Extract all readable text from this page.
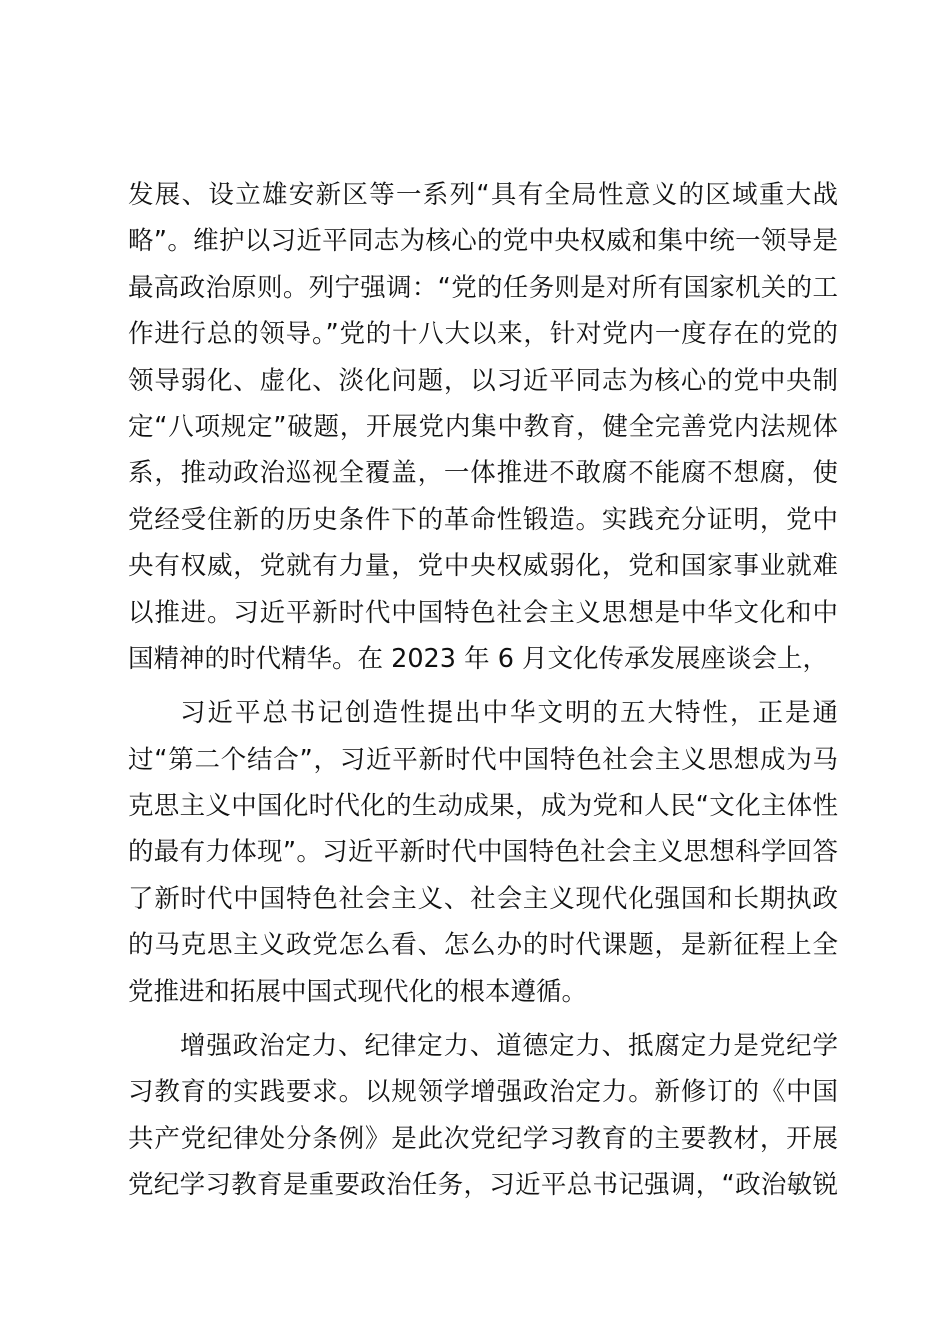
发展、设立雄安新区等一系列“具有全局性意义的区域重大战
略”。维护以习近平同志为核心的党中央权威和集中统一领导是
最高政治原则。列宁强调：“党的任务则是对所有国家机关的工
作进行总的领导。”党的十八大以来，针对党内一度存在的党的
领导弱化、虚化、淡化问题，以习近平同志为核心的党中央制
定“八项规定”破题，开展党内集中教育，健全完善党内法规体
系，推动政治巡视全覆盖，一体推进不敢腐不能腐不想腐，使
党经受住新的历史条件下的革命性锻造。实践充分证明，党中
央有权威，党就有力量，党中央权威弱化，党和国家事业就难
以推进。习近平新时代中国特色社会主义思想是中华文化和中
国精神的时代精华。在 2023 年 6 月文化传承发展座谈会上，
习近平总书记创造性提出中华文明的五大特性，正是通
过“第二个结合”，习近平新时代中国特色社会主义思想成为马
克思主义中国化时代化的生动成果，成为党和人民“文化主体性
的最有力体现”。习近平新时代中国特色社会主义思想科学回答
了新时代中国特色社会主义、社会主义现代化强国和长期执政
的马克思主义政党怎么看、怎么办的时代课题，是新征程上全
党推进和拓展中国式现代化的根本遵循。
增强政治定力、纪律定力、道德定力、抵腐定力是党纪学
习教育的实践要求。以规领学增强政治定力。新修订的《中国
共产党纪律处分条例》是此次党纪学习教育的主要教材，开展
党纪学习教育是重要政治任务，习近平总书记强调，“政治敏锐
